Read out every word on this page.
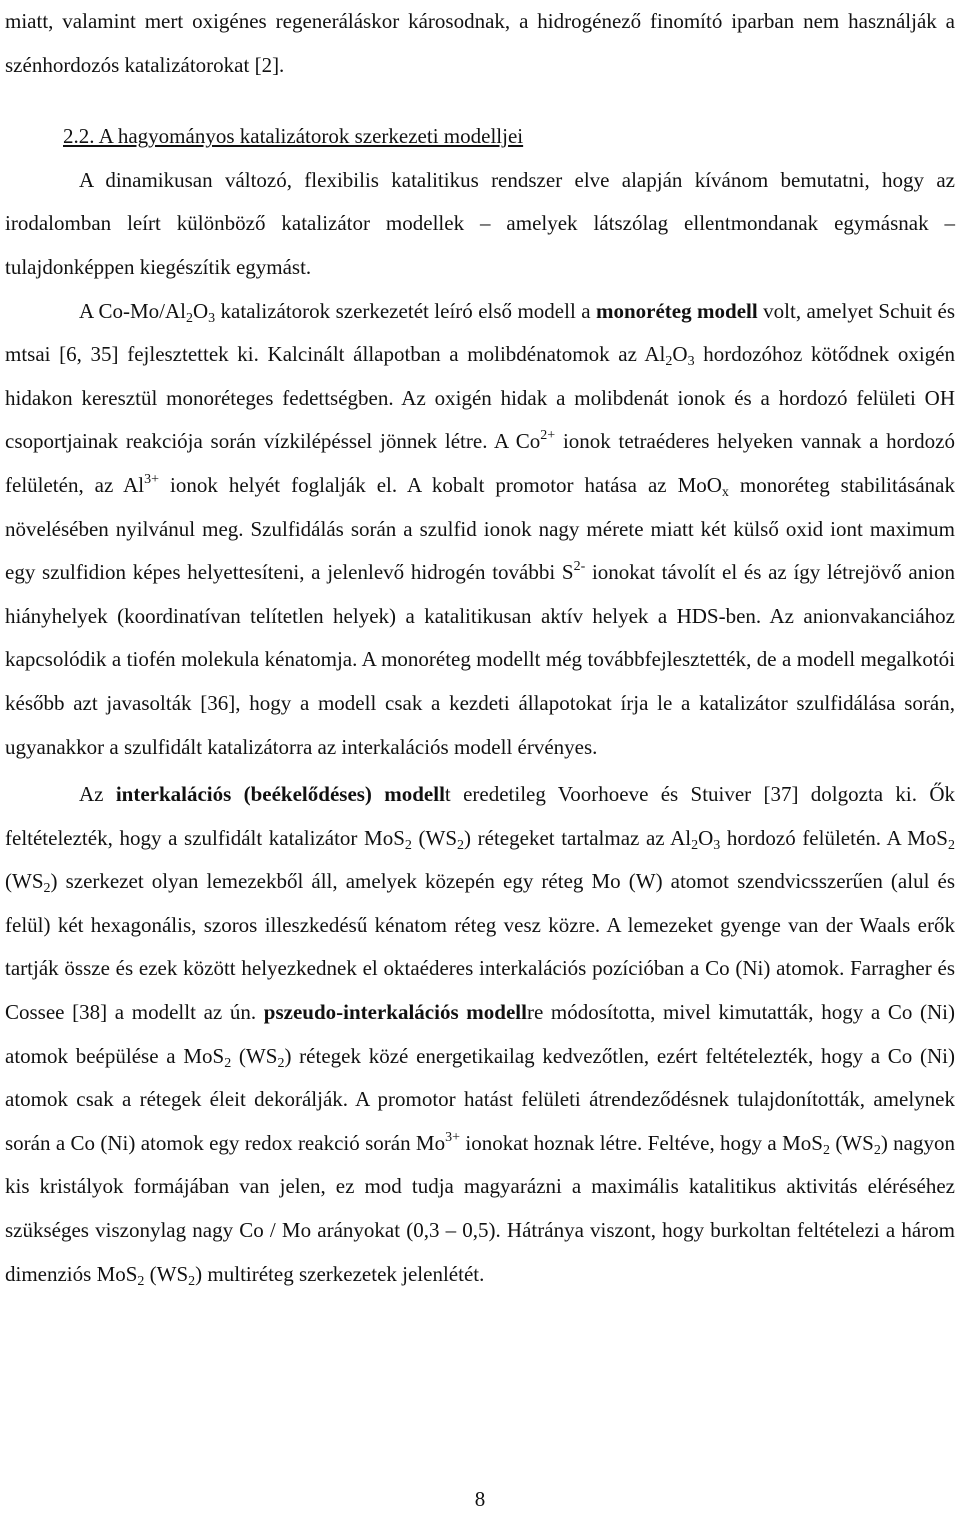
miatt, valamint mert oxigénes regeneráláskor károsodnak, a hidrogénező finomító iparban nem használják a szénhordozós katalizátorokat [2].

2.2. A hagyományos katalizátorok szerkezeti modelljei

A dinamikusan változó, flexibilis katalitikus rendszer elve alapján kívánom bemutatni, hogy az irodalomban leírt különböző katalizátor modellek – amelyek látszólag ellentmondanak egymásnak – tulajdonképpen kiegészítik egymást.

A $Co-Mo/Al_2O_3$ katalizátorok szerkezetét leíró első modell a monoréteg modell volt, amelyet Schuit és mtsai [6, 35] fejlesztettek ki. Kalcinált állapotban a molibdénatomok az $Al_2O_3$ hordozóhoz kötődnek oxigén hidakon keresztül monoréteges fedettségben. Az oxigén hidak a molibdenát ionok és a hordozó felületi OH csoportjainak reakciója során vízkilépéssel jönnek létre. A $Co^{2+}$ ionok tetraéderes helyeken vannak a hordozó felületén, az $Al^{3+}$ ionok helyét foglalják el. A kobalt promotor hatása az MoO$_x$ monoréteg stabilitásának növelésében nyilvánul meg. Szulfidálás során a szulfid ionok nagy mérete miatt két külső oxid iont maximum egy szulfidion képes helyettesíteni, a jelenlevő hidrogén további $S^{2-}$ ionokat távolít el és az így létrejövő anion hiányhelyek (koordinatívan telítetlen helyek) a katalitikusan aktív helyek a HDS-ben. Az anionvakanciához kapcsolódik a tiofén molekula kénatomja. A monoréteg modellt még továbbfejlesztették, de a modell megalkotói később azt javasolták [36], hogy a modell csak a kezdeti állapotokat írja le a katalizátor szulfidálása során, ugyanakkor a szulfidált katalizátorra az interkalációs modell érvényes.

Az interkalációs (beékelődéses) modellt eredetileg Voorhoeve és Stuiver [37] dolgozta ki. Ők feltételezték, hogy a szulfidált katalizátor MoS$_2$ $(WS_2)$ rétegeket tartalmaz az $Al_2O_3$ hordozó felületén. A MoS$_2$ $(WS_2)$ szerkezet olyan lemezekből áll, amelyek közepén egy réteg Mo (W) atomot szendvicsszerűen (alul és felül) két hexagonális, szoros illeszkedésű kénatom réteg vesz közre. A lemezeket gyenge van der Waals erők tartják össze és ezek között helyezkednek el oktaéderes interkalációs pozícióban a Co (Ni) atomok. Farragher és Cossee [38] a modellt az ún. pszeudo-interkalációs modellre módosította, mivel kimutatták, hogy a Co (Ni) atomok beépülése a MoS$_2$ $(WS_2)$ rétegek közé energetikailag kedvezőtlen, ezért feltételezték, hogy a Co (Ni) atomok csak a rétegek éleit dekorálják. A promotor hatást felületi átrendeződésnek tulajdonították, amelynek során a Co (Ni) atomok egy redox reakció során $Mo^{3+}$ ionokat hoznak létre. Feltéve, hogy a MoS$_2$ $(WS_2)$ nagyon kis kristályok formájában van jelen, ez mod tudja magyarázni a maximális katalitikus aktivitás eléréséhez szükséges viszonylag nagy Co / Mo arányokat (0,3 – 0,5). Hátránya viszont, hogy burkoltan feltételezi a három dimenziós MoS$_2$ $(WS_2)$ multiréteg szerkezetek jelenlétét.

8
